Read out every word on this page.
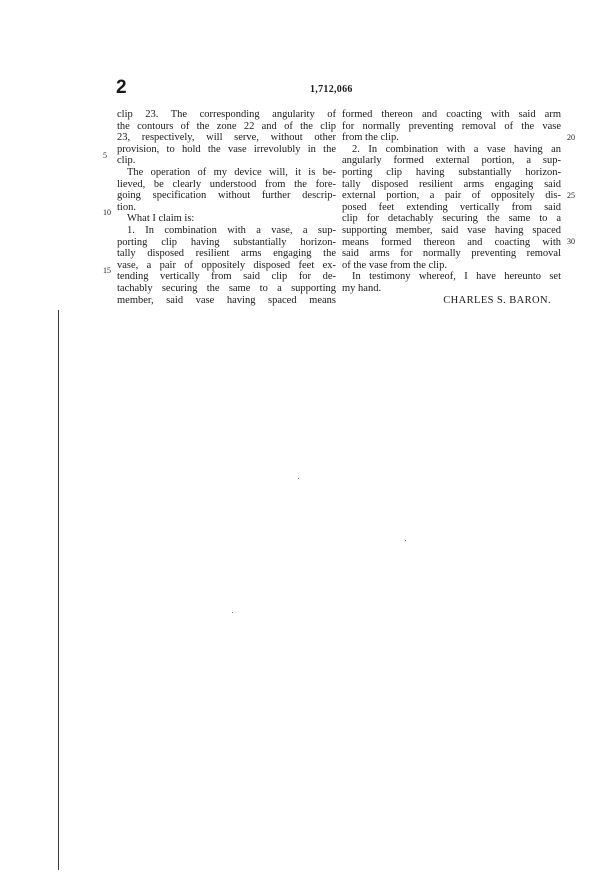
2	1,712,066
clip 23. The corresponding angularity of
the contours of the zone 22 and of the clip
23, respectively, will serve, without other
provision, to hold the vase irrevolubly in the
clip.
The operation of my device will, it is be-
lieved, be clearly understood from the fore-
going specification without further descrip-
tion.
What I claim is:
1. In combination with a vase, a sup-
porting clip having substantially horizon-
tally disposed resilient arms engaging the
vase, a pair of oppositely disposed feet ex-
tending vertically from said clip for de-
tachably securing the same to a supporting
member, said vase having spaced means
5
10
15
formed thereon and coacting with said arm
for normally preventing removal of the vase
from the clip.
2. In combination with a vase having an
angularly formed external portion, a sup-
porting clip having substantially horizon-
tally disposed resilient arms engaging said
external portion, a pair of oppositely dis-
posed feet extending vertically from said
clip for detachably securing the same to a
supporting member, said vase having spaced
means formed thereon and coacting with
said arms for normally preventing removal
of the vase from the clip.
In testimony whereof, I have hereunto set
my hand.
CHARLES S. BARON.
20
25
30
